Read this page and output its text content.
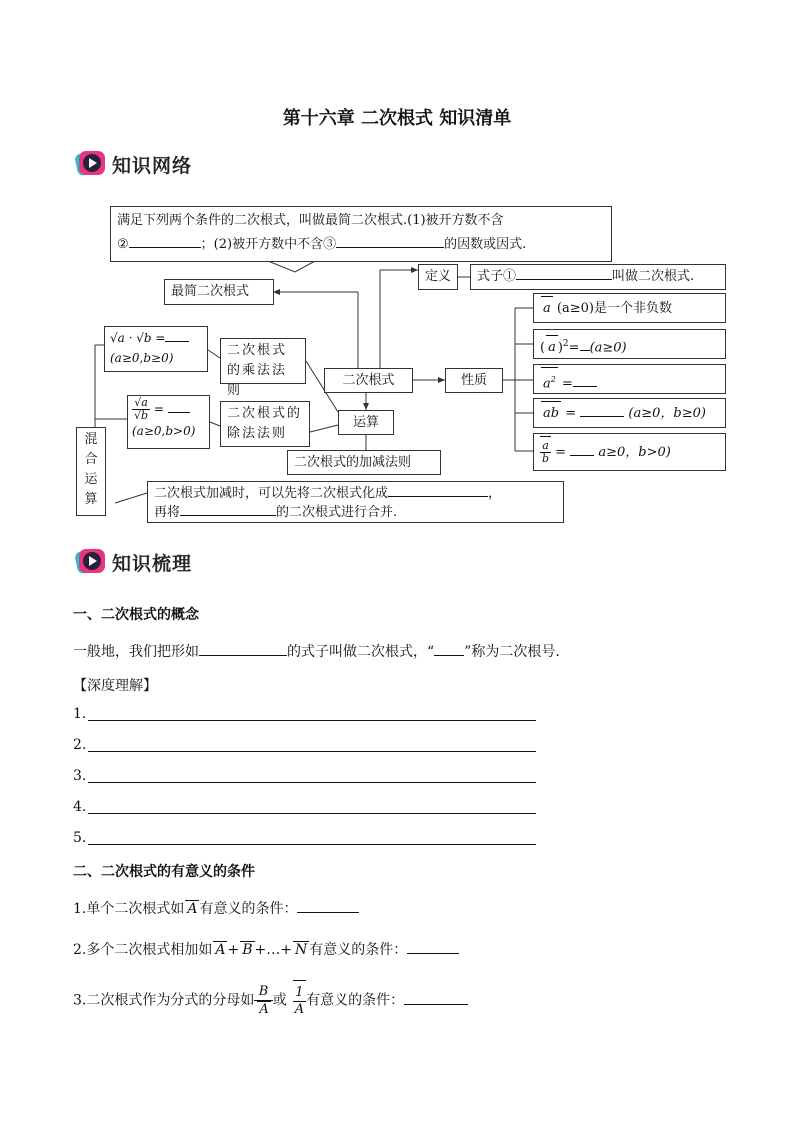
第十六章 二次根式 知识清单
知识网络
满足下列两个条件的二次根式，叫做最简二次根式.(1)被开方数不含
②	；(2)被开方数中不含③	的因数或因式.
最简二次根式
定义	式子①	叫做二次根式.
√a · √b =
(a≥0,b≥0)	二次根式的乘法法则
$\frac{√a}{√b}$ =
(a≥0,b>0)
二次根式的除法法则
二次根式
运算
性质
二次根式的加减法则
混合运算	二次根式加减时，可以先将二次根式化成	，
再将	的二次根式进行合并.
a (a≥0)是一个非负数
( a )$^2$= (a≥0)
$a^2$ =
ab =	(a≥0，b≥0)
$\frac{a}{b} = a\ge 0$，b>0)
知识梳理
一、二次根式的概念
一般地，我们把形如	的式子叫做二次根式，“ ”称为二次根号.
【深度理解】
1.
2.
3.
4.
5.
二、二次根式的有意义的条件
1.单个二次根式如 A 有意义的条件：
2.多个二次根式相加如 A + B +…+ N 有意义的条件：
3.二次根式作为分式的分母如 $\frac{B}{A}$ 或 $\frac{1}{A}$ 有意义的条件：
